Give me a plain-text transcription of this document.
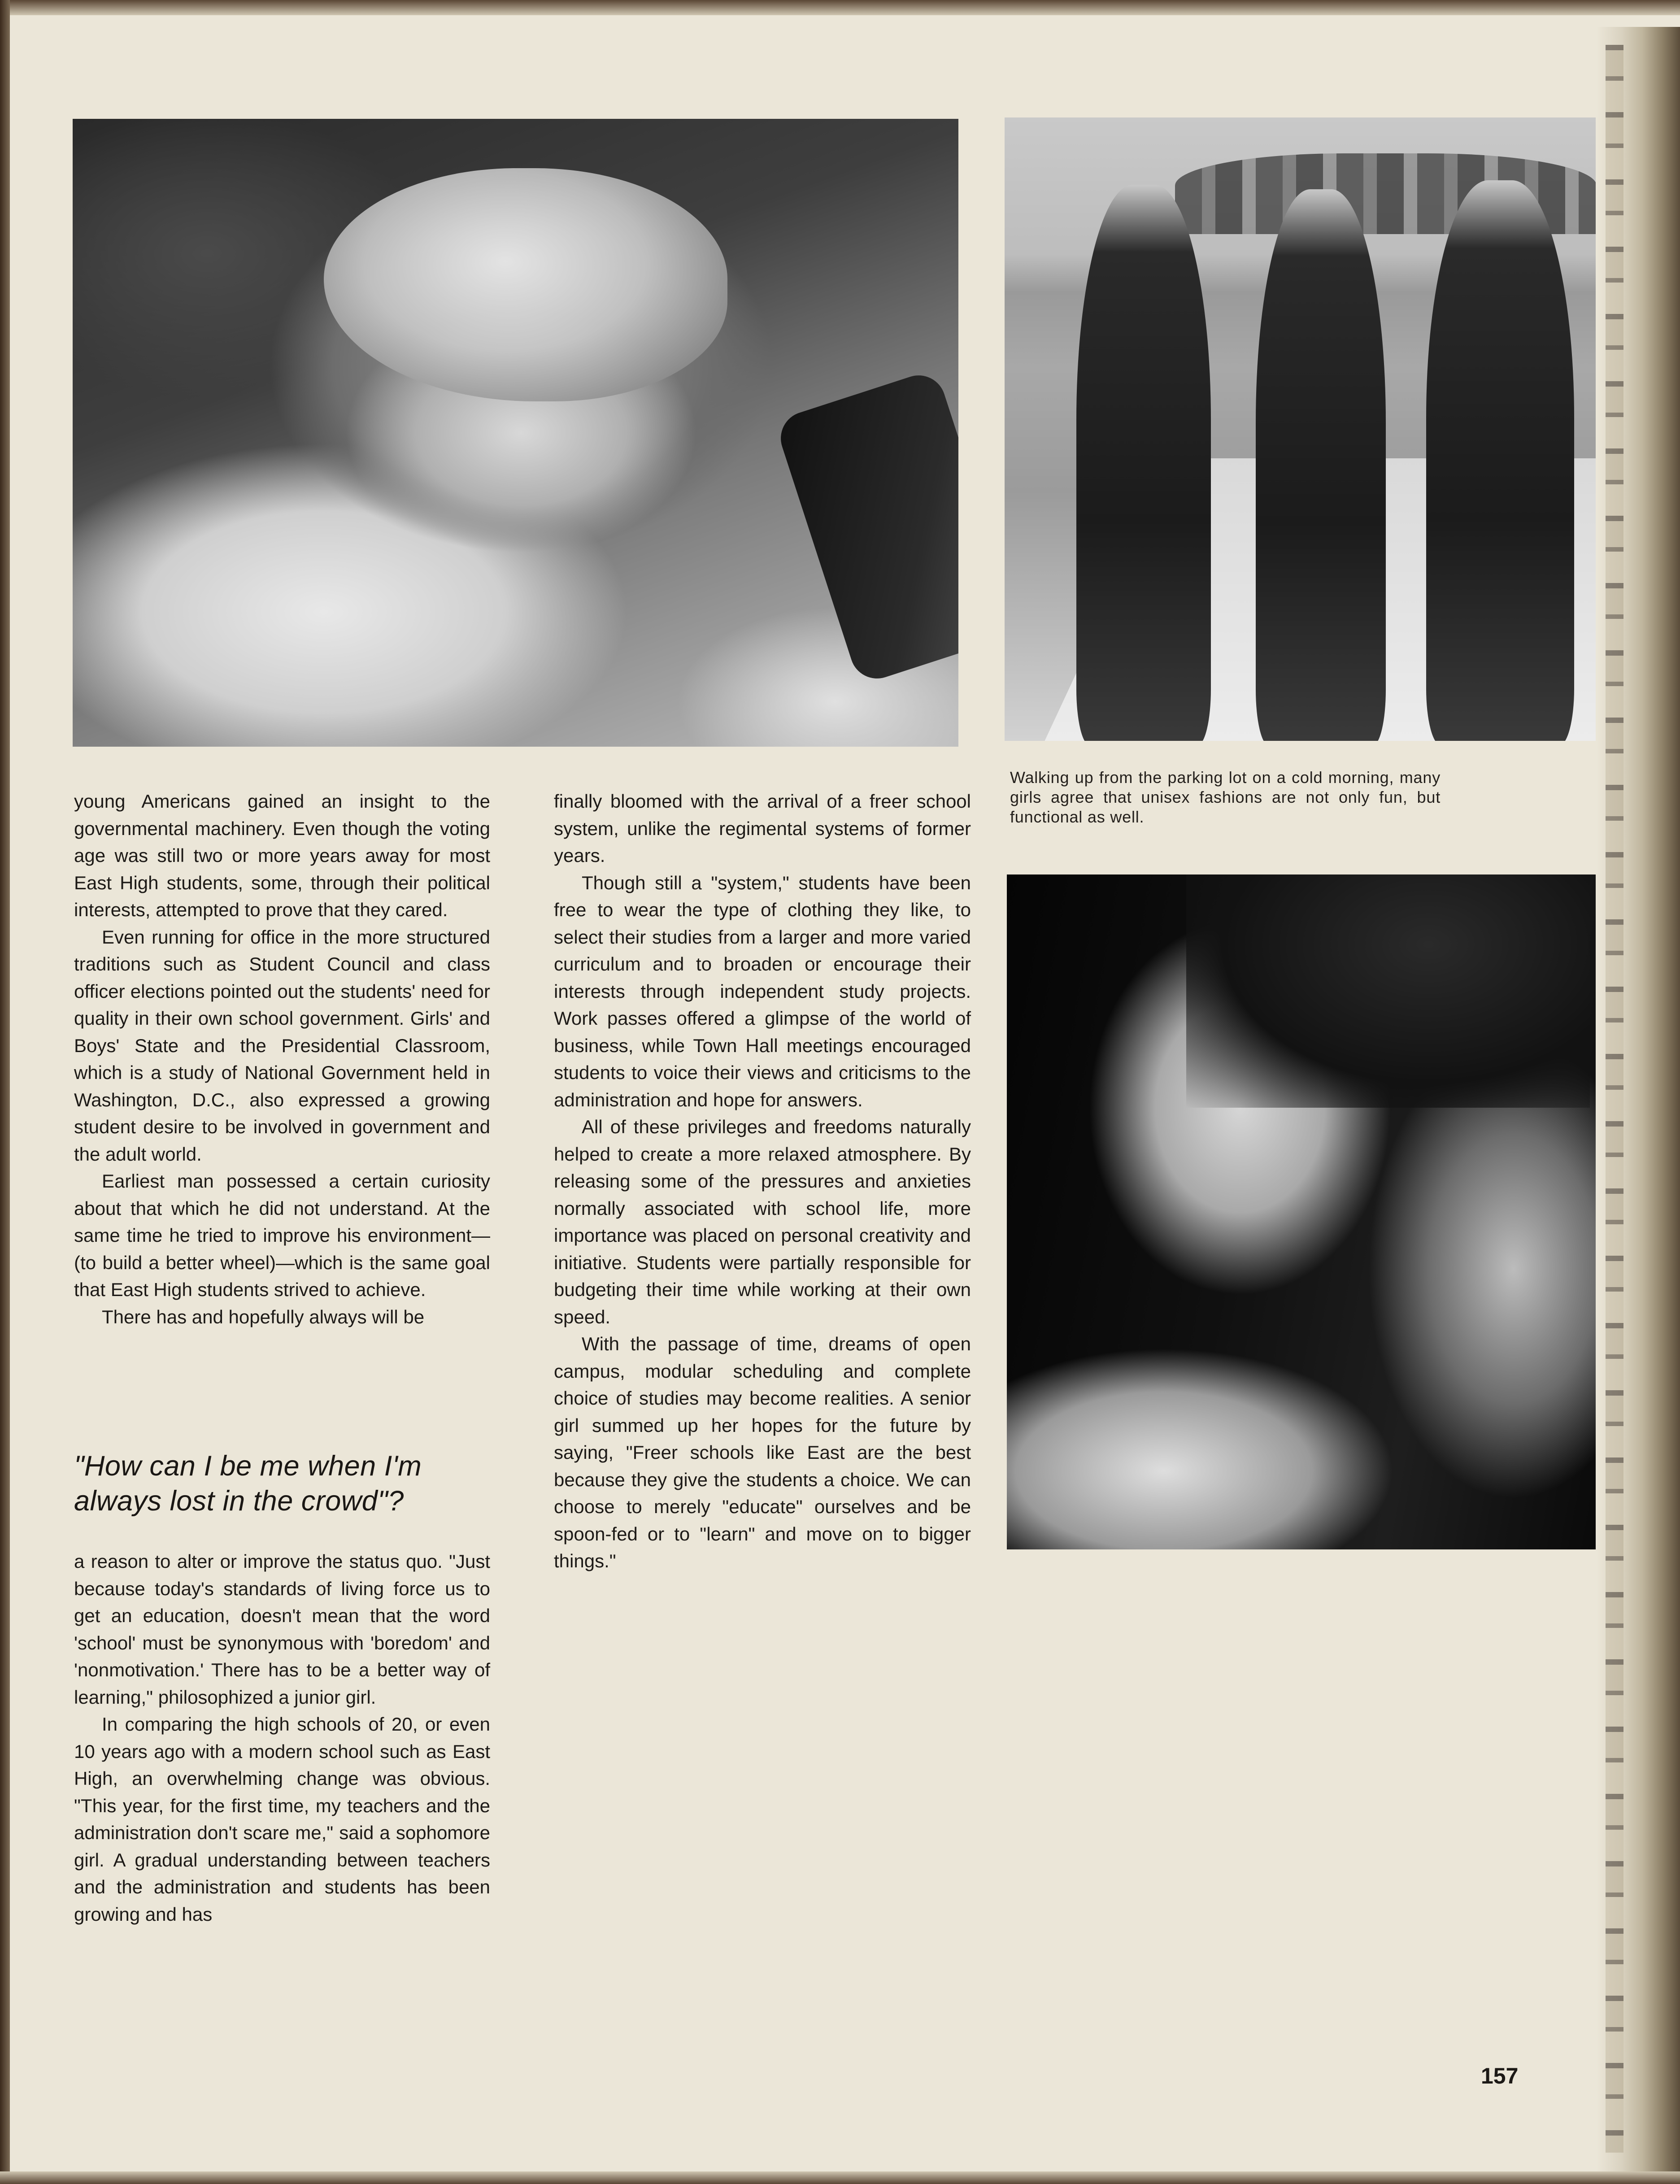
Walking up from the parking lot on a cold morning, many girls agree that unisex fashions are not only fun, but functional as well.

young Americans gained an insight to the governmental machinery. Even though the voting age was still two or more years away for most East High students, some, through their political interests, attempted to prove that they cared.

Even running for office in the more structured traditions such as Student Council and class officer elections pointed out the students' need for quality in their own school government. Girls' and Boys' State and the Presidential Classroom, which is a study of National Government held in Washington, D.C., also expressed a growing student desire to be involved in government and the adult world.

Earliest man possessed a certain curiosity about that which he did not understand. At the same time he tried to improve his environment—(to build a better wheel)—which is the same goal that East High students strived to achieve.

There has and hopefully always will be

"How can I be me when I'm always lost in the crowd"?

a reason to alter or improve the status quo. "Just because today's standards of living force us to get an education, doesn't mean that the word 'school' must be synonymous with 'boredom' and 'nonmotivation.' There has to be a better way of learning," philosophized a junior girl.

In comparing the high schools of 20, or even 10 years ago with a modern school such as East High, an overwhelming change was obvious. "This year, for the first time, my teachers and the administration don't scare me," said a sophomore girl. A gradual understanding between teachers and the administration and students has been growing and has

finally bloomed with the arrival of a freer school system, unlike the regimental systems of former years.

Though still a "system," students have been free to wear the type of clothing they like, to select their studies from a larger and more varied curriculum and to broaden or encourage their interests through independent study projects. Work passes offered a glimpse of the world of business, while Town Hall meetings encouraged students to voice their views and criticisms to the administration and hope for answers.

All of these privileges and freedoms naturally helped to create a more relaxed atmosphere. By releasing some of the pressures and anxieties normally associated with school life, more importance was placed on personal creativity and initiative. Students were partially responsible for budgeting their time while working at their own speed.

With the passage of time, dreams of open campus, modular scheduling and complete choice of studies may become realities. A senior girl summed up her hopes for the future by saying, "Freer schools like East are the best because they give the students a choice. We can choose to merely "educate" ourselves and be spoon-fed or to "learn" and move on to bigger things."

157
